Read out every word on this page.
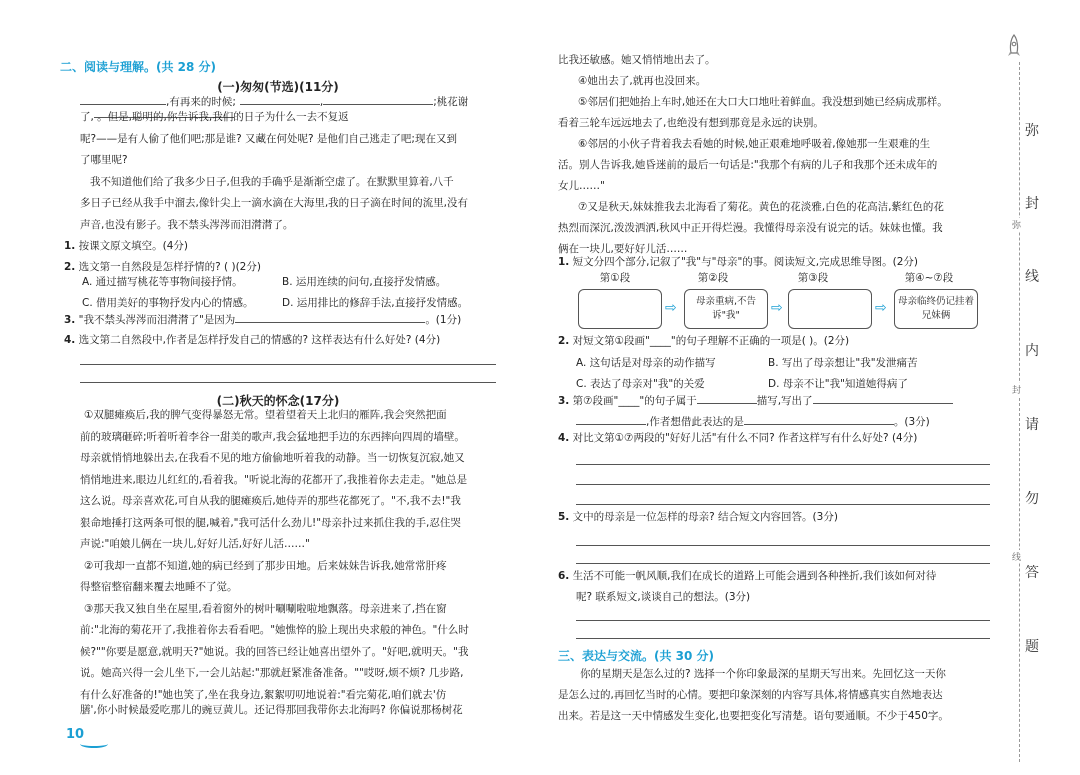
二、阅读与理解。(共 28 分)
(一)匆匆(节选)(11分)
,有再来的时候;	,	;桃花谢
了, 。但是,聪明的,你告诉我,我们的日子为什么一去不复返
呢?——是有人偷了他们吧;那是谁? 又藏在何处呢? 是他们自己逃走了吧;现在又到
了哪里呢?
我不知道他们给了我多少日子,但我的手确乎是渐渐空虚了。在默默里算着,八千
多日子已经从我手中溜去,像针尖上一滴水滴在大海里,我的日子滴在时间的流里,没有
声音,也没有影子。我不禁头涔涔而泪潸潸了。
1. 按课文原文填空。(4分)
2. 选文第一自然段是怎样抒情的? ( )(2分)
A. 通过描写桃花等事物间接抒情。	B. 运用连续的问句,直接抒发情感。
C. 借用美好的事物抒发内心的情感。	D. 运用排比的修辞手法,直接抒发情感。
3. "我不禁头涔涔而泪潸潸了"是因为	。(1分)
4. 选文第二自然段中,作者是怎样抒发自己的情感的? 这样表达有什么好处? (4分)
(二)秋天的怀念(17分)
①双腿瘫痪后,我的脾气变得暴怒无常。望着望着天上北归的雁阵,我会突然把面
前的玻璃砸碎;听着听着李谷一甜美的歌声,我会猛地把手边的东西摔向四周的墙壁。
母亲就悄悄地躲出去,在我看不见的地方偷偷地听着我的动静。当一切恢复沉寂,她又
悄悄地进来,眼边儿红红的,看着我。"听说北海的花都开了,我推着你去走走。"她总是
这么说。母亲喜欢花,可自从我的腿瘫痪后,她侍弄的那些花都死了。"不,我不去!"我
狠命地捶打这两条可恨的腿,喊着,"我可活什么劲儿!"母亲扑过来抓住我的手,忍住哭
声说:"咱娘儿俩在一块儿,好好儿活,好好儿活……"
②可我却一直都不知道,她的病已经到了那步田地。后来妹妹告诉我,她常常肝疼
得整宿整宿翻来覆去地睡不了觉。
③那天我又独自坐在屋里,看着窗外的树叶唰唰啦啦地飘落。母亲进来了,挡在窗
前:"北海的菊花开了,我推着你去看看吧。"她憔悴的脸上现出央求般的神色。"什么时
候?""你要是愿意,就明天?"她说。我的回答已经让她喜出望外了。"好吧,就明天。"我
说。她高兴得一会儿坐下,一会儿站起:"那就赶紧准备准备。""哎呀,烦不烦? 几步路,
有什么好准备的!"她也笑了,坐在我身边,絮絮叨叨地说着:"看完菊花,咱们就去'仿
膳',你小时候最爱吃那儿的豌豆黄儿。还记得那回我带你去北海吗? 你偏说那杨树花
10
比我还敏感。她又悄悄地出去了。
④她出去了,就再也没回来。
⑤邻居们把她抬上车时,她还在大口大口地吐着鲜血。我没想到她已经病成那样。
看着三轮车远远地去了,也绝没有想到那竟是永远的诀别。
⑥邻居的小伙子背着我去看她的时候,她正艰难地呼吸着,像她那一生艰难的生
活。别人告诉我,她昏迷前的最后一句话是:"我那个有病的儿子和我那个还未成年的
女儿……"
⑦又是秋天,妹妹推我去北海看了菊花。黄色的花淡雅,白色的花高洁,紫红色的花
热烈而深沉,泼泼洒洒,秋风中正开得烂漫。我懂得母亲没有说完的话。妹妹也懂。我
俩在一块儿,要好好儿活……
1. 短文分四个部分,记叙了"我"与"母亲"的事。阅读短文,完成思维导图。(2分)
第①段	第②段	第③段	第④~⑦段
⇨	母亲重病,不告诉"我"	⇨	⇨	母亲临终仍记挂着兄妹俩
2. 对短文第①段画"____"的句子理解不正确的一项是( )。(2分)
A. 这句话是对母亲的动作描写	B. 写出了母亲想让"我"发泄痛苦
C. 表达了母亲对"我"的关爱	D. 母亲不让"我"知道她得病了
3. 第⑦段画"____"的句子属于	描写,写出了
,作者想借此表达的是	。(3分)
4. 对比文第①⑦两段的"好好儿活"有什么不同? 作者这样写有什么好处? (4分)
5. 文中的母亲是一位怎样的母亲? 结合短文内容回答。(3分)
6. 生活不可能一帆风顺,我们在成长的道路上可能会遇到各种挫折,我们该如何对待
呢? 联系短文,谈谈自己的想法。(3分)
三、表达与交流。(共 30 分)
你的星期天是怎么过的? 选择一个你印象最深的星期天写出来。先回忆这一天你
是怎么过的,再回忆当时的心情。要把印象深刻的内容写具体,将情感真实自然地表达
出来。若是这一天中情感发生变化,也要把变化写清楚。语句要通顺。不少于450字。
弥
封
线
内
请
勿
答
题
弥
封
线
